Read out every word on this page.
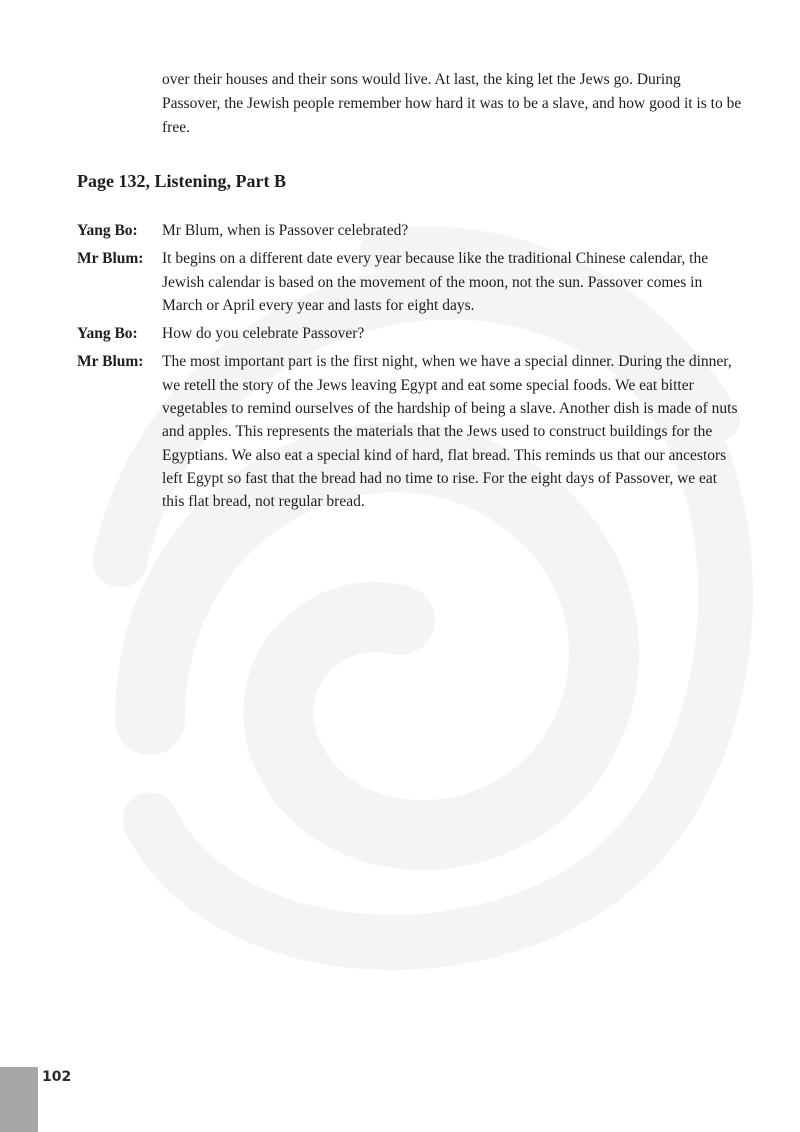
over their houses and their sons would live. At last, the king let the Jews go. During Passover, the Jewish people remember how hard it was to be a slave, and how good it is to be free.

Page 132, Listening, Part B
Yang Bo:	Mr Blum, when is Passover celebrated?

Mr Blum:	It begins on a different date every year because like the traditional Chinese calendar, the Jewish calendar is based on the movement of the moon, not the sun. Passover comes in March or April every year and lasts for eight days.

Yang Bo:	How do you celebrate Passover?

Mr Blum:	The most important part is the first night, when we have a special dinner. During the dinner, we retell the story of the Jews leaving Egypt and eat some special foods. We eat bitter vegetables to remind ourselves of the hardship of being a slave. Another dish is made of nuts and apples. This represents the materials that the Jews used to construct buildings for the Egyptians. We also eat a special kind of hard, flat bread. This reminds us that our ancestors left Egypt so fast that the bread had no time to rise. For the eight days of Passover, we eat this flat bread, not regular bread.

102
